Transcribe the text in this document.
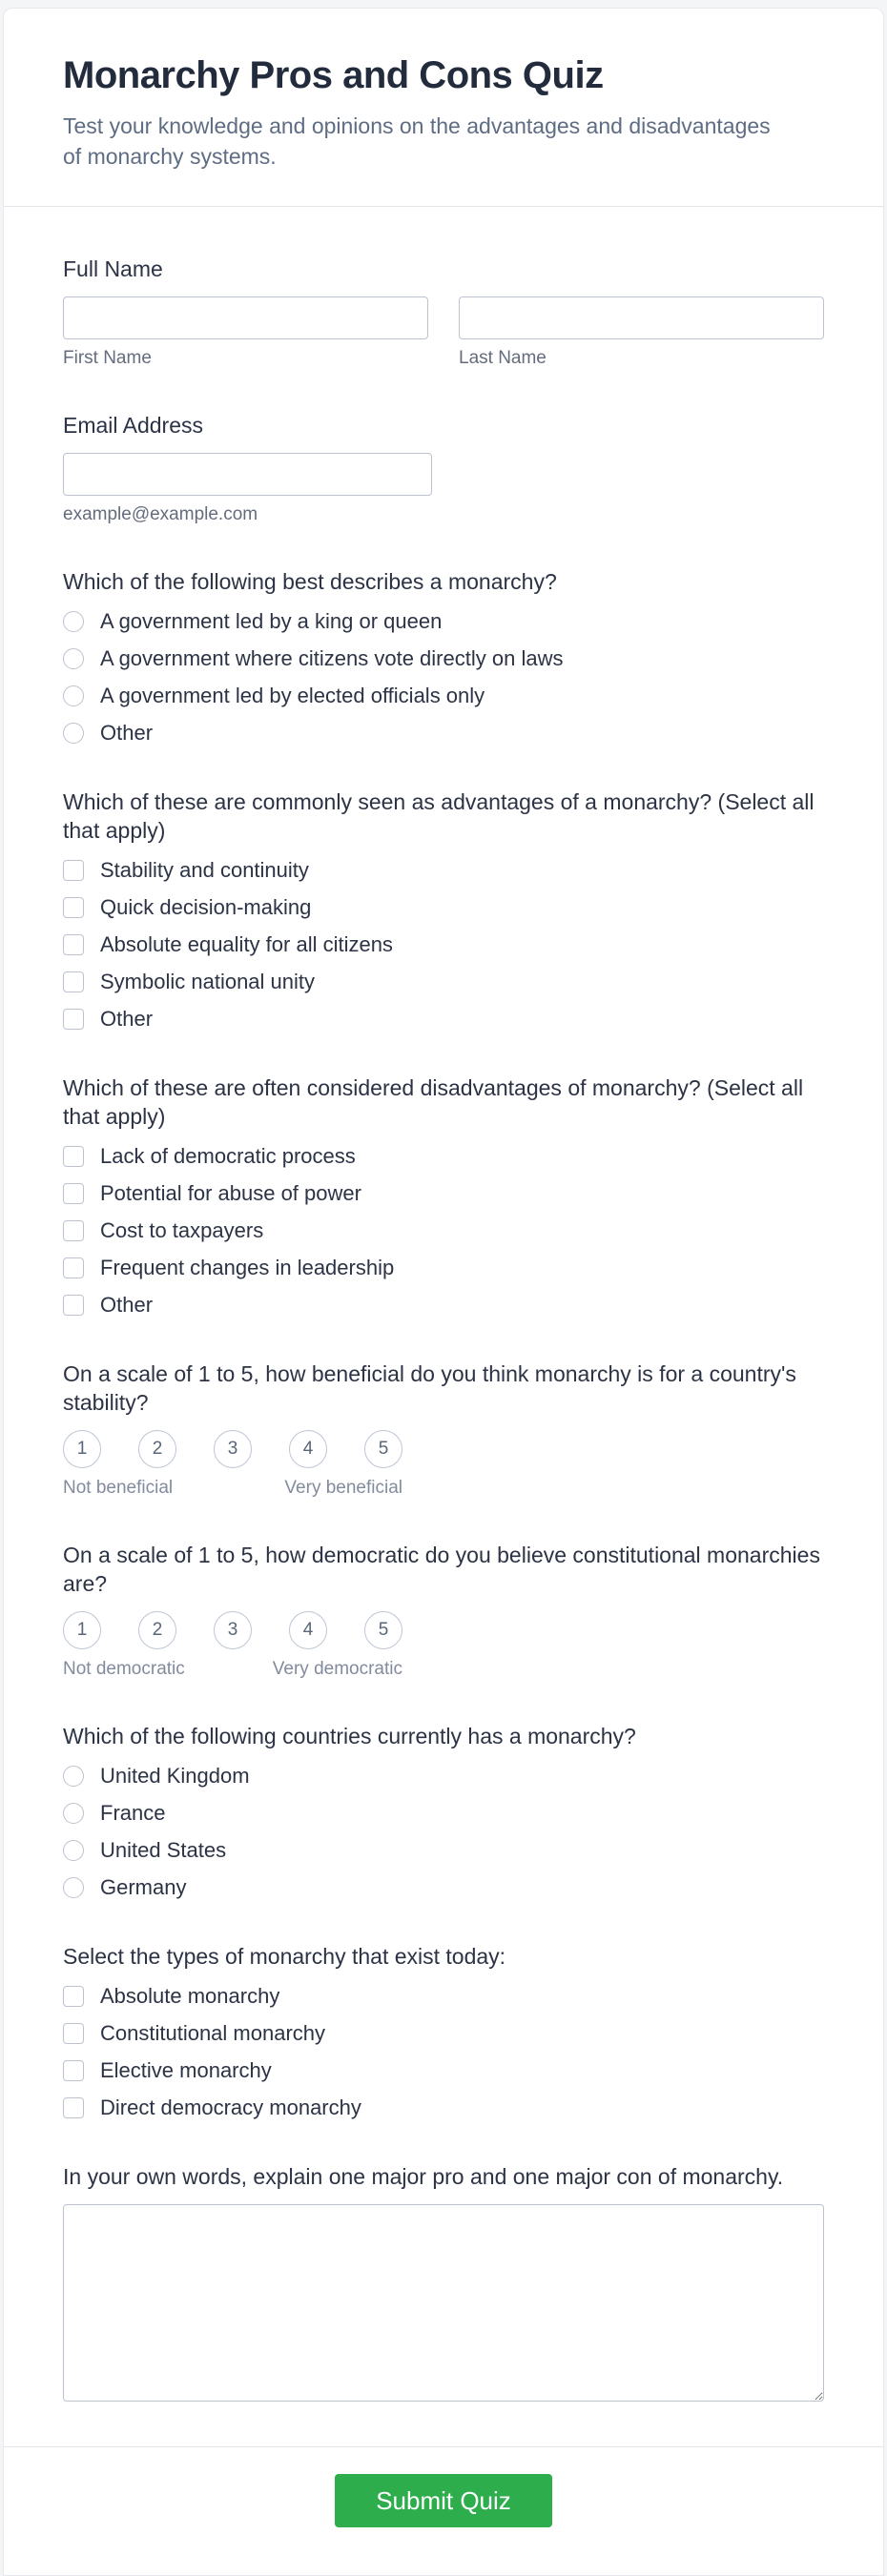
Monarchy Pros and Cons Quiz

Test your knowledge and opinions on the advantages and disadvantages of monarchy systems.

Full Name
First Name	Last Name
Email Address
example@example.com
Which of the following best describes a monarchy?
A government led by a king or queen
A government where citizens vote directly on laws
A government led by elected officials only
Other
Which of these are commonly seen as advantages of a monarchy? (Select all that apply)
Stability and continuity
Quick decision-making
Absolute equality for all citizens
Symbolic national unity
Other
Which of these are often considered disadvantages of monarchy? (Select all that apply)
Lack of democratic process
Potential for abuse of power
Cost to taxpayers
Frequent changes in leadership
Other
On a scale of 1 to 5, how beneficial do you think monarchy is for a country's stability?
1	2	3	4	5
Not beneficial	Very beneficial
On a scale of 1 to 5, how democratic do you believe constitutional monarchies are?
1	2	3	4	5
Not democratic	Very democratic
Which of the following countries currently has a monarchy?
United Kingdom
France
United States
Germany
Select the types of monarchy that exist today:
Absolute monarchy
Constitutional monarchy
Elective monarchy
Direct democracy monarchy
In your own words, explain one major pro and one major con of monarchy.
Submit Quiz
